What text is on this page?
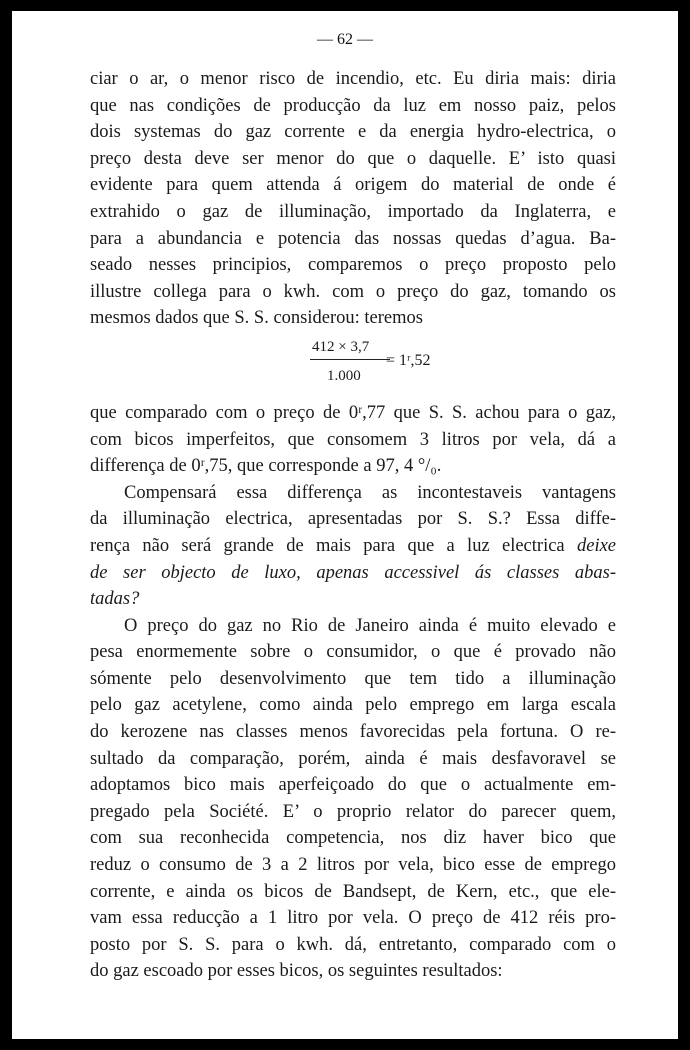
— 62 —
ciar o ar, o menor risco de incendio, etc. Eu diria mais: diria
que nas condições de producção da luz em nosso paiz, pelos
dois systemas do gaz corrente e da energia hydro-electrica, o
preço desta deve ser menor do que o daquelle. E’ isto quasi
evidente para quem attenda á origem do material de onde é
extrahido o gaz de illuminação, importado da Inglaterra, e
para a abundancia e potencia das nossas quedas d’agua. Ba-
seado nesses principios, comparemos o preço proposto pelo
illustre collega para o kwh. com o preço do gaz, tomando os
mesmos dados que S. S. considerou: teremos
412 × 3,7
1.000
= 1ʳ,52
que comparado com o preço de 0ʳ,77 que S. S. achou para o gaz,
com bicos imperfeitos, que consomem 3 litros por vela, dá a
differença de 0ʳ,75, que corresponde a 97, 4 °/₀.
Compensará essa differença as incontestaveis vantagens
da illuminação electrica, apresentadas por S. S.? Essa diffe-
rença não será grande de mais para que a luz electrica deixe
de ser objecto de luxo, apenas accessivel ás classes abas-
tadas?
O preço do gaz no Rio de Janeiro ainda é muito elevado e
pesa enormemente sobre o consumidor, o que é provado não
sómente pelo desenvolvimento que tem tido a illuminação
pelo gaz acetylene, como ainda pelo emprego em larga escala
do kerozene nas classes menos favorecidas pela fortuna. O re-
sultado da comparação, porém, ainda é mais desfavoravel se
adoptamos bico mais aperfeiçoado do que o actualmente em-
pregado pela Société. E’ o proprio relator do parecer quem,
com sua reconhecida competencia, nos diz haver bico que
reduz o consumo de 3 a 2 litros por vela, bico esse de emprego
corrente, e ainda os bicos de Bandsept, de Kern, etc., que ele-
vam essa reducção a 1 litro por vela. O preço de 412 réis pro-
posto por S. S. para o kwh. dá, entretanto, comparado com o
do gaz escoado por esses bicos, os seguintes resultados:
